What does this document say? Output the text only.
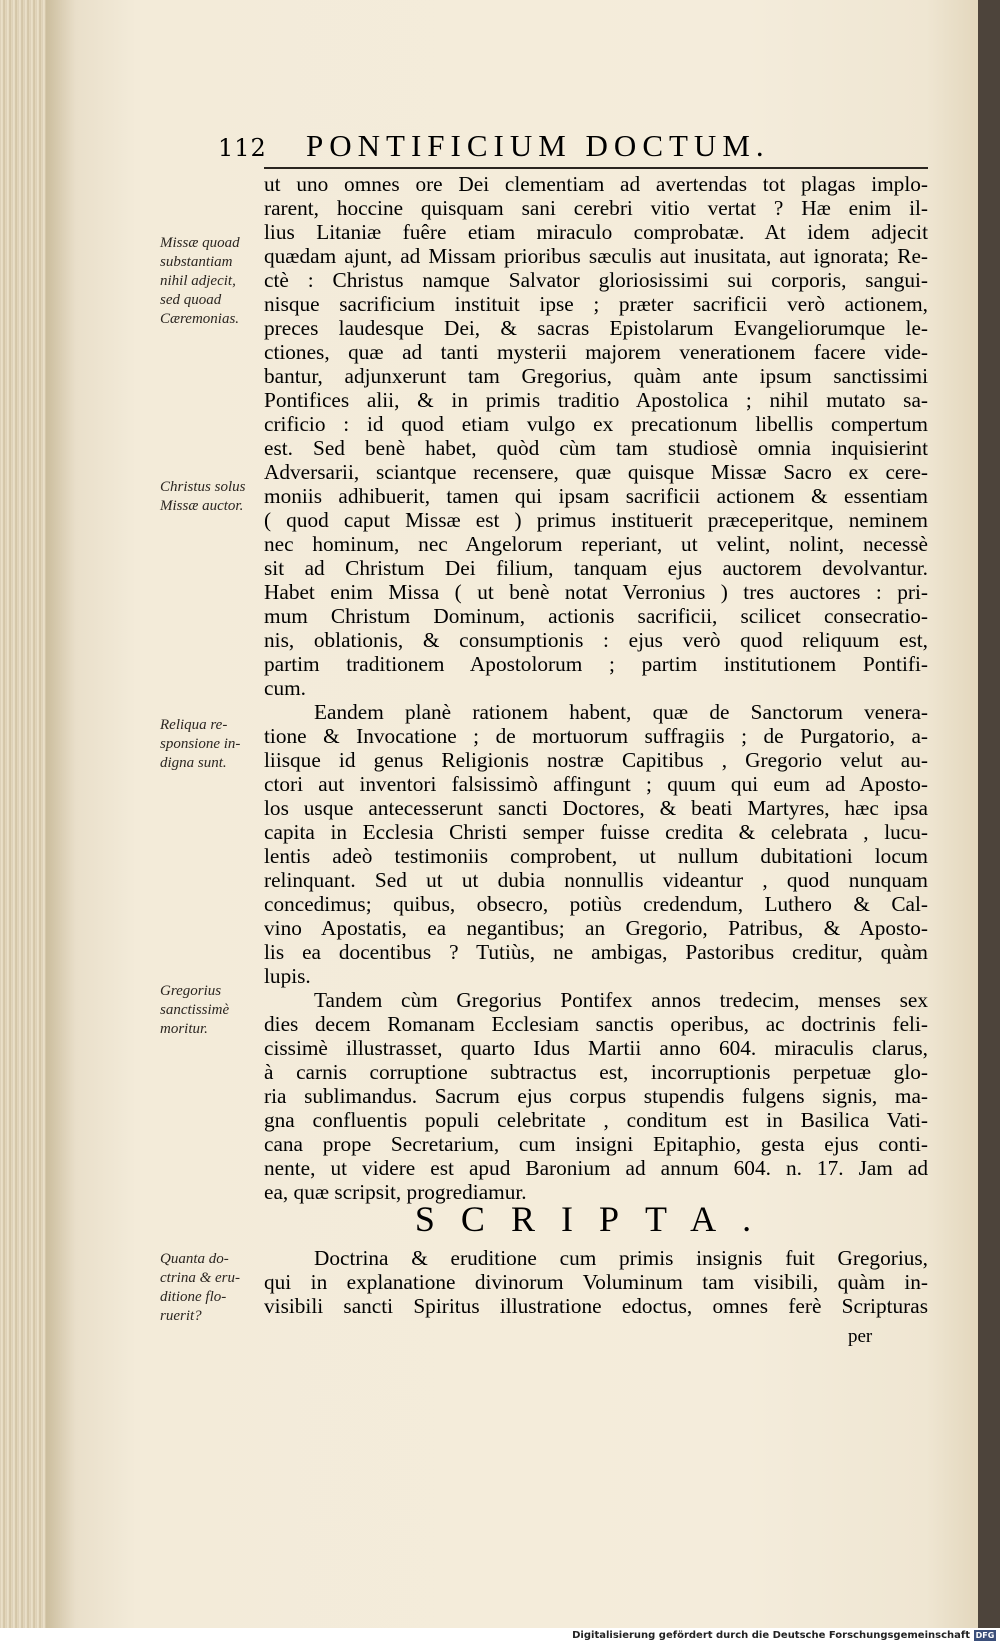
112 PONTIFICIUM DOCTUM.
ut uno omnes ore Dei clementiam ad avertendas tot plagas implo-
rarent, hoccine quisquam sani cerebri vitio vertat ? Hæ enim il-
lius Litaniæ fuêre etiam miraculo comprobatæ. At idem adjecit
quædam ajunt, ad Missam prioribus sæculis aut inusitata, aut ignorata; Re-
ctè : Christus namque Salvator gloriosissimi sui corporis, sangui-
nisque sacrificium instituit ipse ; præter sacrificii verò actionem,
preces laudesque Dei, & sacras Epistolarum Evangeliorumque le-
ctiones, quæ ad tanti mysterii majorem venerationem facere vide-
bantur, adjunxerunt tam Gregorius, quàm ante ipsum sanctissimi
Pontifices alii, & in primis traditio Apostolica ; nihil mutato sa-
crificio : id quod etiam vulgo ex precationum libellis compertum
est. Sed benè habet, quòd cùm tam studiosè omnia inquisierint
Adversarii, sciantque recensere, quæ quisque Missæ Sacro ex cere-
moniis adhibuerit, tamen qui ipsam sacrificii actionem & essentiam
( quod caput Missæ est ) primus instituerit præceperitque, neminem
nec hominum, nec Angelorum reperiant, ut velint, nolint, necessè
sit ad Christum Dei filium, tanquam ejus auctorem devolvantur.
Habet enim Missa ( ut benè notat Verronius ) tres auctores : pri-
mum Christum Dominum, actionis sacrificii, scilicet consecratio-
nis, oblationis, & consumptionis : ejus verò quod reliquum est,
partim traditionem Apostolorum ; partim institutionem Pontifi-
cum.
Eandem planè rationem habent, quæ de Sanctorum venera-
tione & Invocatione ; de mortuorum suffragiis ; de Purgatorio, a-
liisque id genus Religionis nostræ Capitibus , Gregorio velut au-
ctori aut inventori falsissimò affingunt ; quum qui eum ad Aposto-
los usque antecesserunt sancti Doctores, & beati Martyres, hæc ipsa
capita in Ecclesia Christi semper fuisse credita & celebrata , lucu-
lentis adeò testimoniis comprobent, ut nullum dubitationi locum
relinquant. Sed ut ut dubia nonnullis videantur , quod nunquam
concedimus; quibus, obsecro, potiùs credendum, Luthero & Cal-
vino Apostatis, ea negantibus; an Gregorio, Patribus, & Aposto-
lis ea docentibus ? Tutiùs, ne ambigas, Pastoribus creditur, quàm
lupis.
Tandem cùm Gregorius Pontifex annos tredecim, menses sex
dies decem Romanam Ecclesiam sanctis operibus, ac doctrinis feli-
cissimè illustrasset, quarto Idus Martii anno 604. miraculis clarus,
à carnis corruptione subtractus est, incorruptionis perpetuæ glo-
ria sublimandus. Sacrum ejus corpus stupendis fulgens signis, ma-
gna confluentis populi celebritate , conditum est in Basilica Vati-
cana prope Secretarium, cum insigni Epitaphio, gesta ejus conti-
nente, ut videre est apud Baronium ad annum 604. n. 17. Jam ad
ea, quæ scripsit, progrediamur.
Missæ quoad
substantiam
nihil adjecit,
sed quoad
Cæremonias.
Christus solus
Missæ auctor.
Reliqua re-
sponsione in-
digna sunt.
Gregorius
sanctissimè
moritur.
Quanta do-
ctrina & eru-
ditione flo-
ruerit?
SCRIPTA.
Doctrina & eruditione cum primis insignis fuit Gregorius,
qui in explanatione divinorum Voluminum tam visibili, quàm in-
visibili sancti Spiritus illustratione edoctus, omnes ferè Scripturas
per
Digitalisierung gefördert durch die Deutsche Forschungsgemeinschaft DFG
